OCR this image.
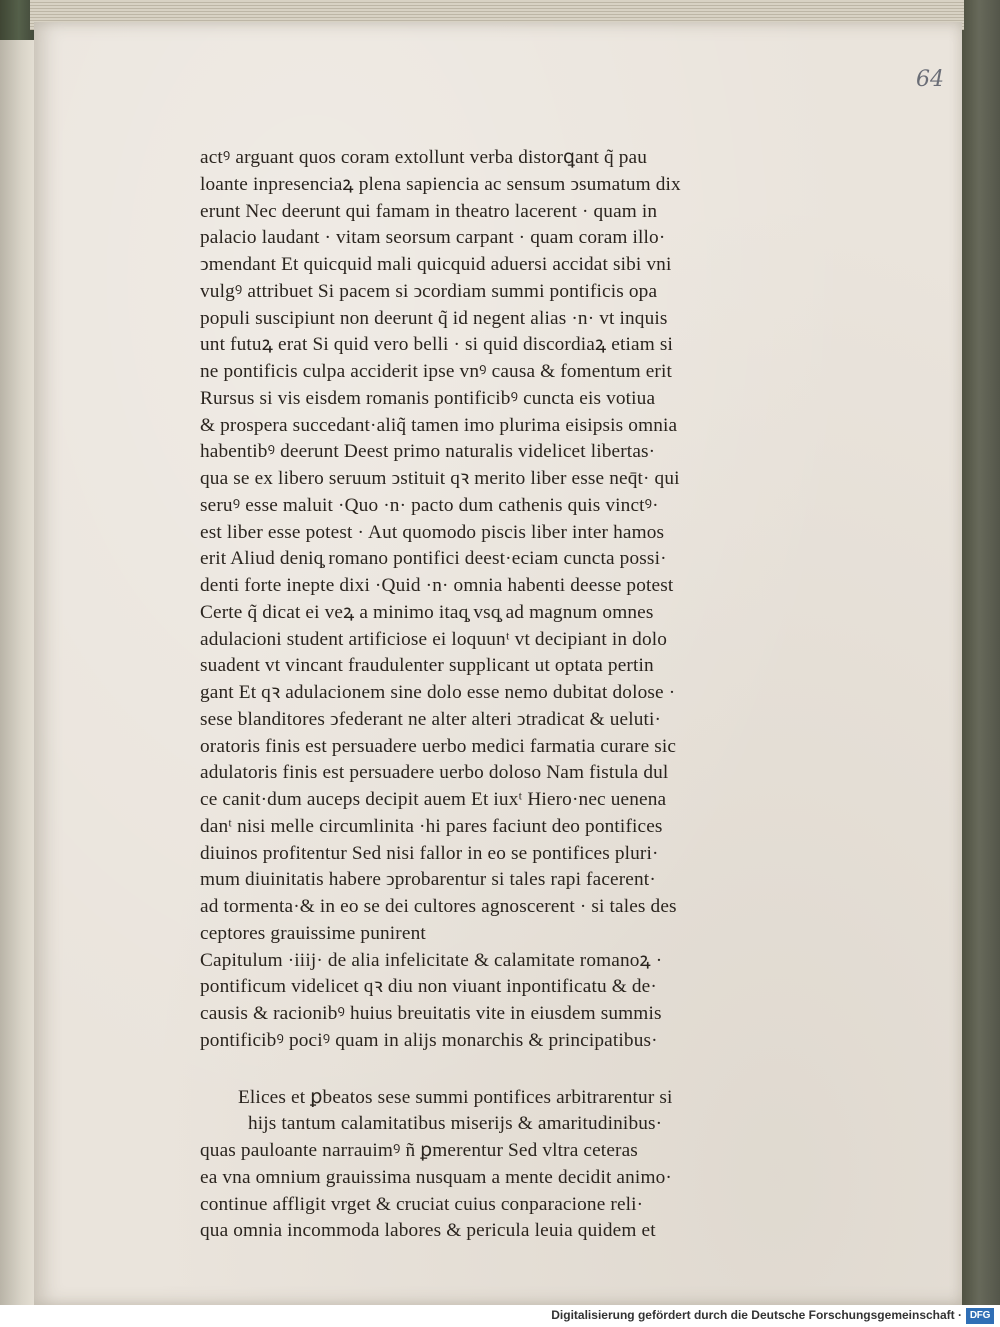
64
actꝰ arguant quos coram extollunt verba distorꝗant q̃ pau
loante inpresenciaꝝ plena sapiencia ac sensum ↄsumatum dix
erunt Nec deerunt qui famam in theatro lacerent · quam in
palacio laudant · vitam seorsum carpant · quam coram illo·
ↄmendant Et quicquid mali quicquid aduersi accidat sibi vni
vulgꝰ attribuet Si pacem si ↄcordiam summi pontificis opa
populi suscipiunt non deerunt q̃ id negent alias ·n· vt inquis
unt futuꝝ erat Si quid vero belli · si quid discordiaꝝ etiam si
ne pontificis culpa acciderit ipse vnꝰ causa & fomentum erit
Rursus si vis eisdem romanis pontificibꝰ cuncta eis votiua
& prospera succedant·aliq̃ tamen imo plurima eisipsis omnia
habentibꝰ deerunt Deest primo naturalis videlicet libertas·
qua se ex libero seruum ↄstituit qꝛ merito liber esse neq̄t· qui
seruꝰ esse maluit ·Quo ·n· pacto dum cathenis quis vinctꝰ·
est liber esse potest · Aut quomodo piscis liber inter hamos
erit Aliud deniq̧ romano pontifici deest·eciam cuncta possi·
denti forte inepte dixi ·Quid ·n· omnia habenti deesse potest
Certe q̃ dicat ei veꝝ a minimo itaq̧ vsq̧ ad magnum omnes
adulacioni student artificiose ei loquunᵗ vt decipiant in dolo
suadent vt vincant fraudulenter supplicant ut optata pertin
gant Et qꝛ adulacionem sine dolo esse nemo dubitat dolose ·
sese blanditores ↄfederant ne alter alteri ↄtradicat & ueluti·
oratoris finis est persuadere uerbo medici farmatia curare sic
adulatoris finis est persuadere uerbo doloso Nam fistula dul
ce canit·dum auceps decipit auem Et iuxᵗ Hiero·nec uenena
danᵗ nisi melle circumlinita ·hi pares faciunt deo pontifices
diuinos profitentur Sed nisi fallor in eo se pontifices pluri·
mum diuinitatis habere ↄprobarentur si tales rapi facerent·
ad tormenta·& in eo se dei cultores agnoscerent · si tales des
ceptores grauissime punirent
Capitulum ·iiij· de alia infelicitate & calamitate romanoꝝ ·
pontificum videlicet qꝛ diu non viuant inpontificatu & de·
causis & racionibꝰ huius breuitatis vite in eiusdem summis
pontificibꝰ pociꝰ quam in alijs monarchis & principatibus·
Elices et ꝑbeatos sese summi pontifices arbitrarentur si
hijs tantum calamitatibus miserijs & amaritudinibus·
quas pauloante narrauimꝰ ñ ꝑmerentur Sed vltra ceteras
ea vna omnium grauissima nusquam a mente decidit animo·
continue affligit vrget & cruciat cuius conparacione reli·
qua omnia incommoda labores & pericula leuia quidem et
Digitalisierung gefördert durch die Deutsche Forschungsgemeinschaft · DFG
